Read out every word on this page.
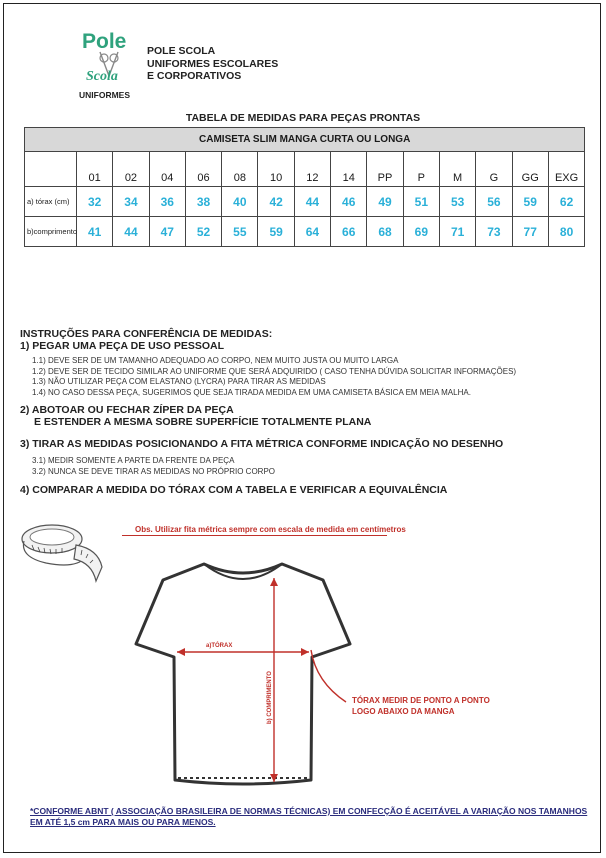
Pole
Scola
UNIFORMES
POLE SCOLA
UNIFORMES ESCOLARES
E CORPORATIVOS
TABELA DE MEDIDAS PARA PEÇAS PRONTAS
CAMISETA SLIM MANGA CURTA OU LONGA														
	01	02	04	06	08	10	12	14	PP	P	M	G	GG	EXG
a) tórax (cm)	32	34	36	38	40	42	44	46	49	51	53	56	59	62
b)comprimento	41	44	47	52	55	59	64	66	68	69	71	73	77	80
INSTRUÇÕES PARA CONFERÊNCIA DE MEDIDAS:
1) PEGAR UMA PEÇA DE USO PESSOAL
1.1) DEVE SER DE UM TAMANHO ADEQUADO AO CORPO, NEM MUITO JUSTA OU MUITO LARGA
1.2) DEVE SER DE TECIDO SIMILAR AO UNIFORME QUE SERÁ ADQUIRIDO ( CASO TENHA DÚVIDA SOLICITAR INFORMAÇÕES)
1.3) NÃO UTILIZAR PEÇA COM ELASTANO (LYCRA) PARA TIRAR AS MEDIDAS
1.4) NO CASO DESSA PEÇA, SUGERIMOS QUE SEJA TIRADA MEDIDA EM UMA CAMISETA BÁSICA EM MEIA MALHA.
2) ABOTOAR OU FECHAR ZÍPER DA PEÇA
E ESTENDER A MESMA SOBRE SUPERFÍCIE TOTALMENTE PLANA
3) TIRAR AS MEDIDAS POSICIONANDO A FITA MÉTRICA CONFORME INDICAÇÃO NO DESENHO
3.1) MEDIR SOMENTE A PARTE DA FRENTE DA PEÇA
3.2) NUNCA SE DEVE TIRAR AS MEDIDAS NO PRÓPRIO CORPO
4) COMPARAR A MEDIDA DO TÓRAX COM A TABELA E VERIFICAR A EQUIVALÊNCIA
Obs. Utilizar fita métrica sempre com escala de medida em centímetros
a)TÓRAX
b) COMPRIMENTO	TÓRAX MEDIR DE PONTO A PONTO
LOGO ABAIXO DA MANGA
*CONFORME ABNT ( ASSOCIAÇÃO BRASILEIRA DE NORMAS TÉCNICAS) EM CONFECÇÃO É ACEITÁVEL A VARIAÇÃO NOS TAMANHOS EM ATÉ 1,5 cm PARA MAIS OU PARA MENOS.
